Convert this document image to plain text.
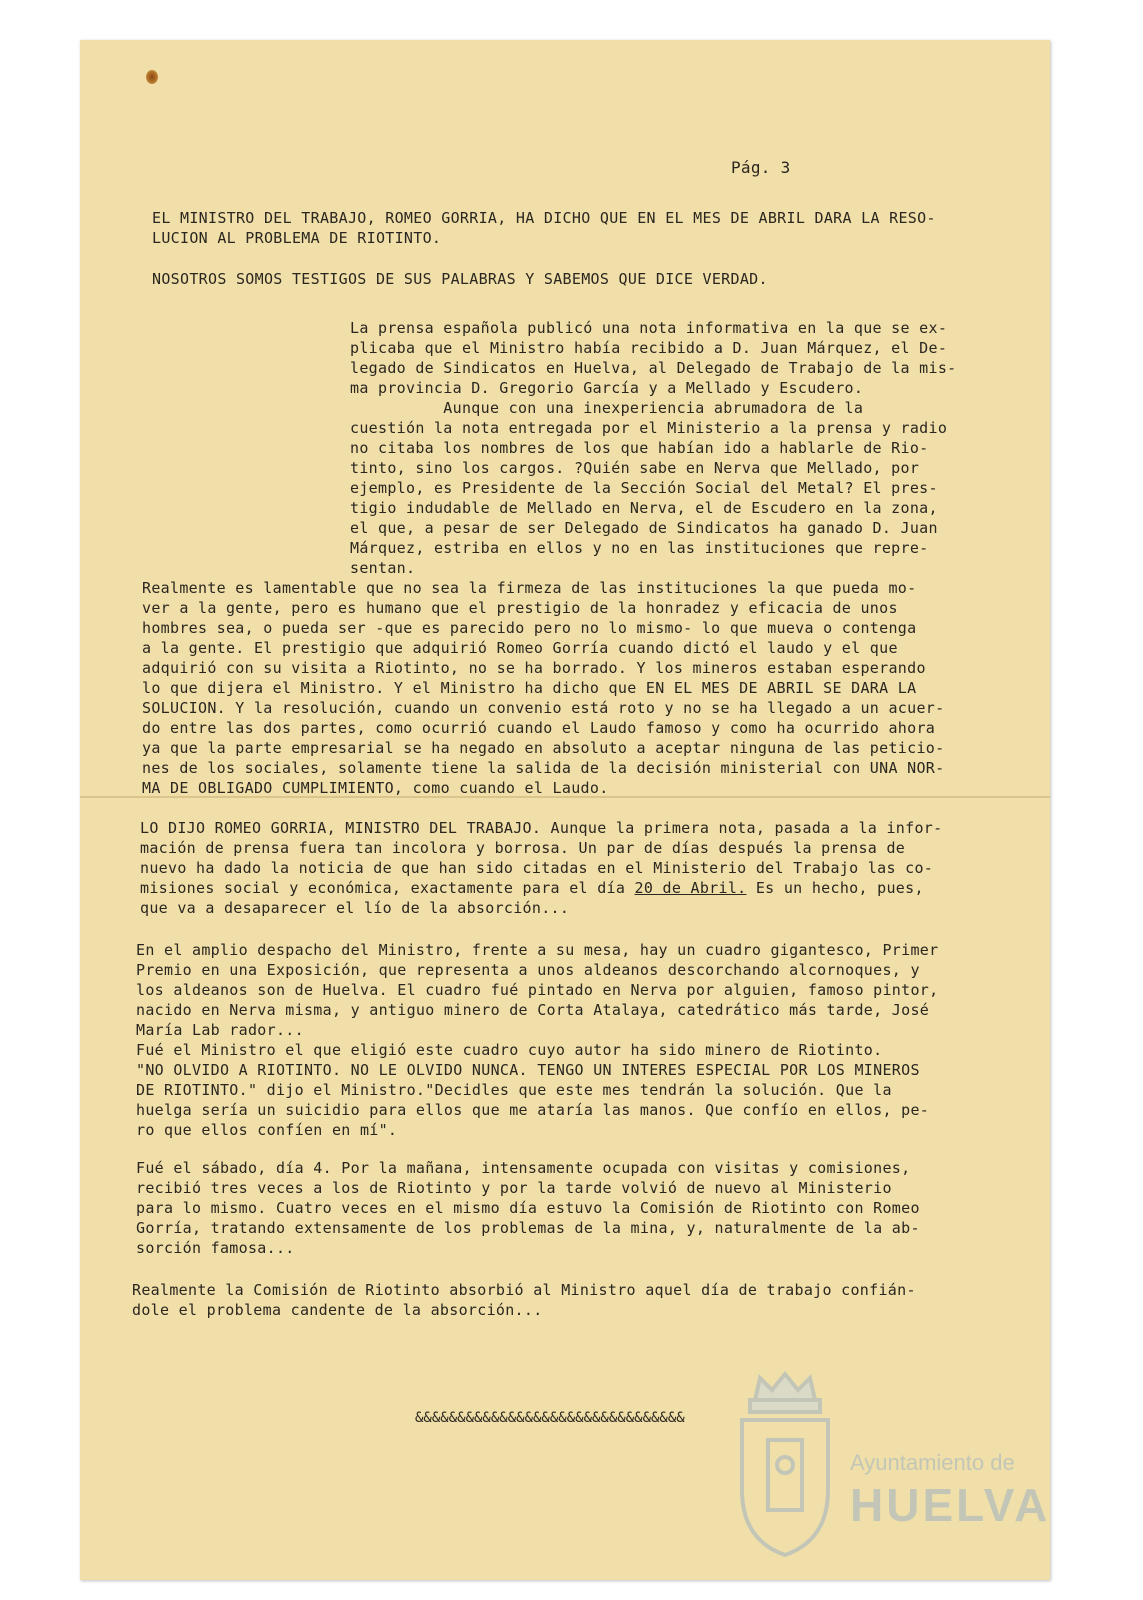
Pág. 3
EL MINISTRO DEL TRABAJO, ROMEO GORRIA, HA DICHO QUE EN EL MES DE ABRIL DARA LA RESO-
LUCION AL PROBLEMA DE RIOTINTO.
NOSOTROS SOMOS TESTIGOS DE SUS PALABRAS Y SABEMOS QUE DICE VERDAD.
La prensa española publicó una nota informativa en la que se ex-
plicaba que el Ministro había recibido a D. Juan Márquez, el De-
legado de Sindicatos en Huelva, al Delegado de Trabajo de la mis-
ma provincia D. Gregorio García y a Mellado y Escudero.
Aunque con una inexperiencia abrumadora de la
cuestión la nota entregada por el Ministerio a la prensa y radio
no citaba los nombres de los que habían ido a hablarle de Rio-
tinto, sino los cargos. ?Quién sabe en Nerva que Mellado, por
ejemplo, es Presidente de la Sección Social del Metal? El pres-
tigio indudable de Mellado en Nerva, el de Escudero en la zona,
el que, a pesar de ser Delegado de Sindicatos ha ganado D. Juan
Márquez, estriba en ellos y no en las instituciones que repre-
sentan.
Realmente es lamentable que no sea la firmeza de las instituciones la que pueda mo-
ver a la gente, pero es humano que el prestigio de la honradez y eficacia de unos
hombres sea, o pueda ser -que es parecido pero no lo mismo- lo que mueva o contenga
a la gente. El prestigio que adquirió Romeo Gorría cuando dictó el laudo y el que
adquirió con su visita a Riotinto, no se ha borrado. Y los mineros estaban esperando
lo que dijera el Ministro. Y el Ministro ha dicho que EN EL MES DE ABRIL SE DARA LA
SOLUCION. Y la resolución, cuando un convenio está roto y no se ha llegado a un acuer-
do entre las dos partes, como ocurrió cuando el Laudo famoso y como ha ocurrido ahora
ya que la parte empresarial se ha negado en absoluto a aceptar ninguna de las peticio-
nes de los sociales, solamente tiene la salida de la decisión ministerial con UNA NOR-
MA DE OBLIGADO CUMPLIMIENTO, como cuando el Laudo.
LO DIJO ROMEO GORRIA, MINISTRO DEL TRABAJO. Aunque la primera nota, pasada a la infor-
mación de prensa fuera tan incolora y borrosa. Un par de días después la prensa de
nuevo ha dado la noticia de que han sido citadas en el Ministerio del Trabajo las co-
misiones social y económica, exactamente para el día 20 de Abril. Es un hecho, pues,
que va a desaparecer el lío de la absorción...
En el amplio despacho del Ministro, frente a su mesa, hay un cuadro gigantesco, Primer
Premio en una Exposición, que representa a unos aldeanos descorchando alcornoques, y
los aldeanos son de Huelva. El cuadro fué pintado en Nerva por alguien, famoso pintor,
nacido en Nerva misma, y antiguo minero de Corta Atalaya, catedrático más tarde, José
María Lab rador...
Fué el Ministro el que eligió este cuadro cuyo autor ha sido minero de Riotinto.
"NO OLVIDO A RIOTINTO. NO LE OLVIDO NUNCA. TENGO UN INTERES ESPECIAL POR LOS MINEROS
DE RIOTINTO." dijo el Ministro."Decidles que este mes tendrán la solución. Que la
huelga sería un suicidio para ellos que me ataría las manos. Que confío en ellos, pe-
ro que ellos confíen en mí".
Fué el sábado, día 4. Por la mañana, intensamente ocupada con visitas y comisiones,
recibió tres veces a los de Riotinto y por la tarde volvió de nuevo al Ministerio
para lo mismo. Cuatro veces en el mismo día estuvo la Comisión de Riotinto con Romeo
Gorría, tratando extensamente de los problemas de la mina, y, naturalmente de la ab-
sorción famosa...
Realmente la Comisión de Riotinto absorbió al Ministro aquel día de trabajo confián-
dole el problema candente de la absorción...
&&&&&&&&&&&&&&&&&&&&&&&&&&&&&&&&
Ayuntamiento de
HUELVA
